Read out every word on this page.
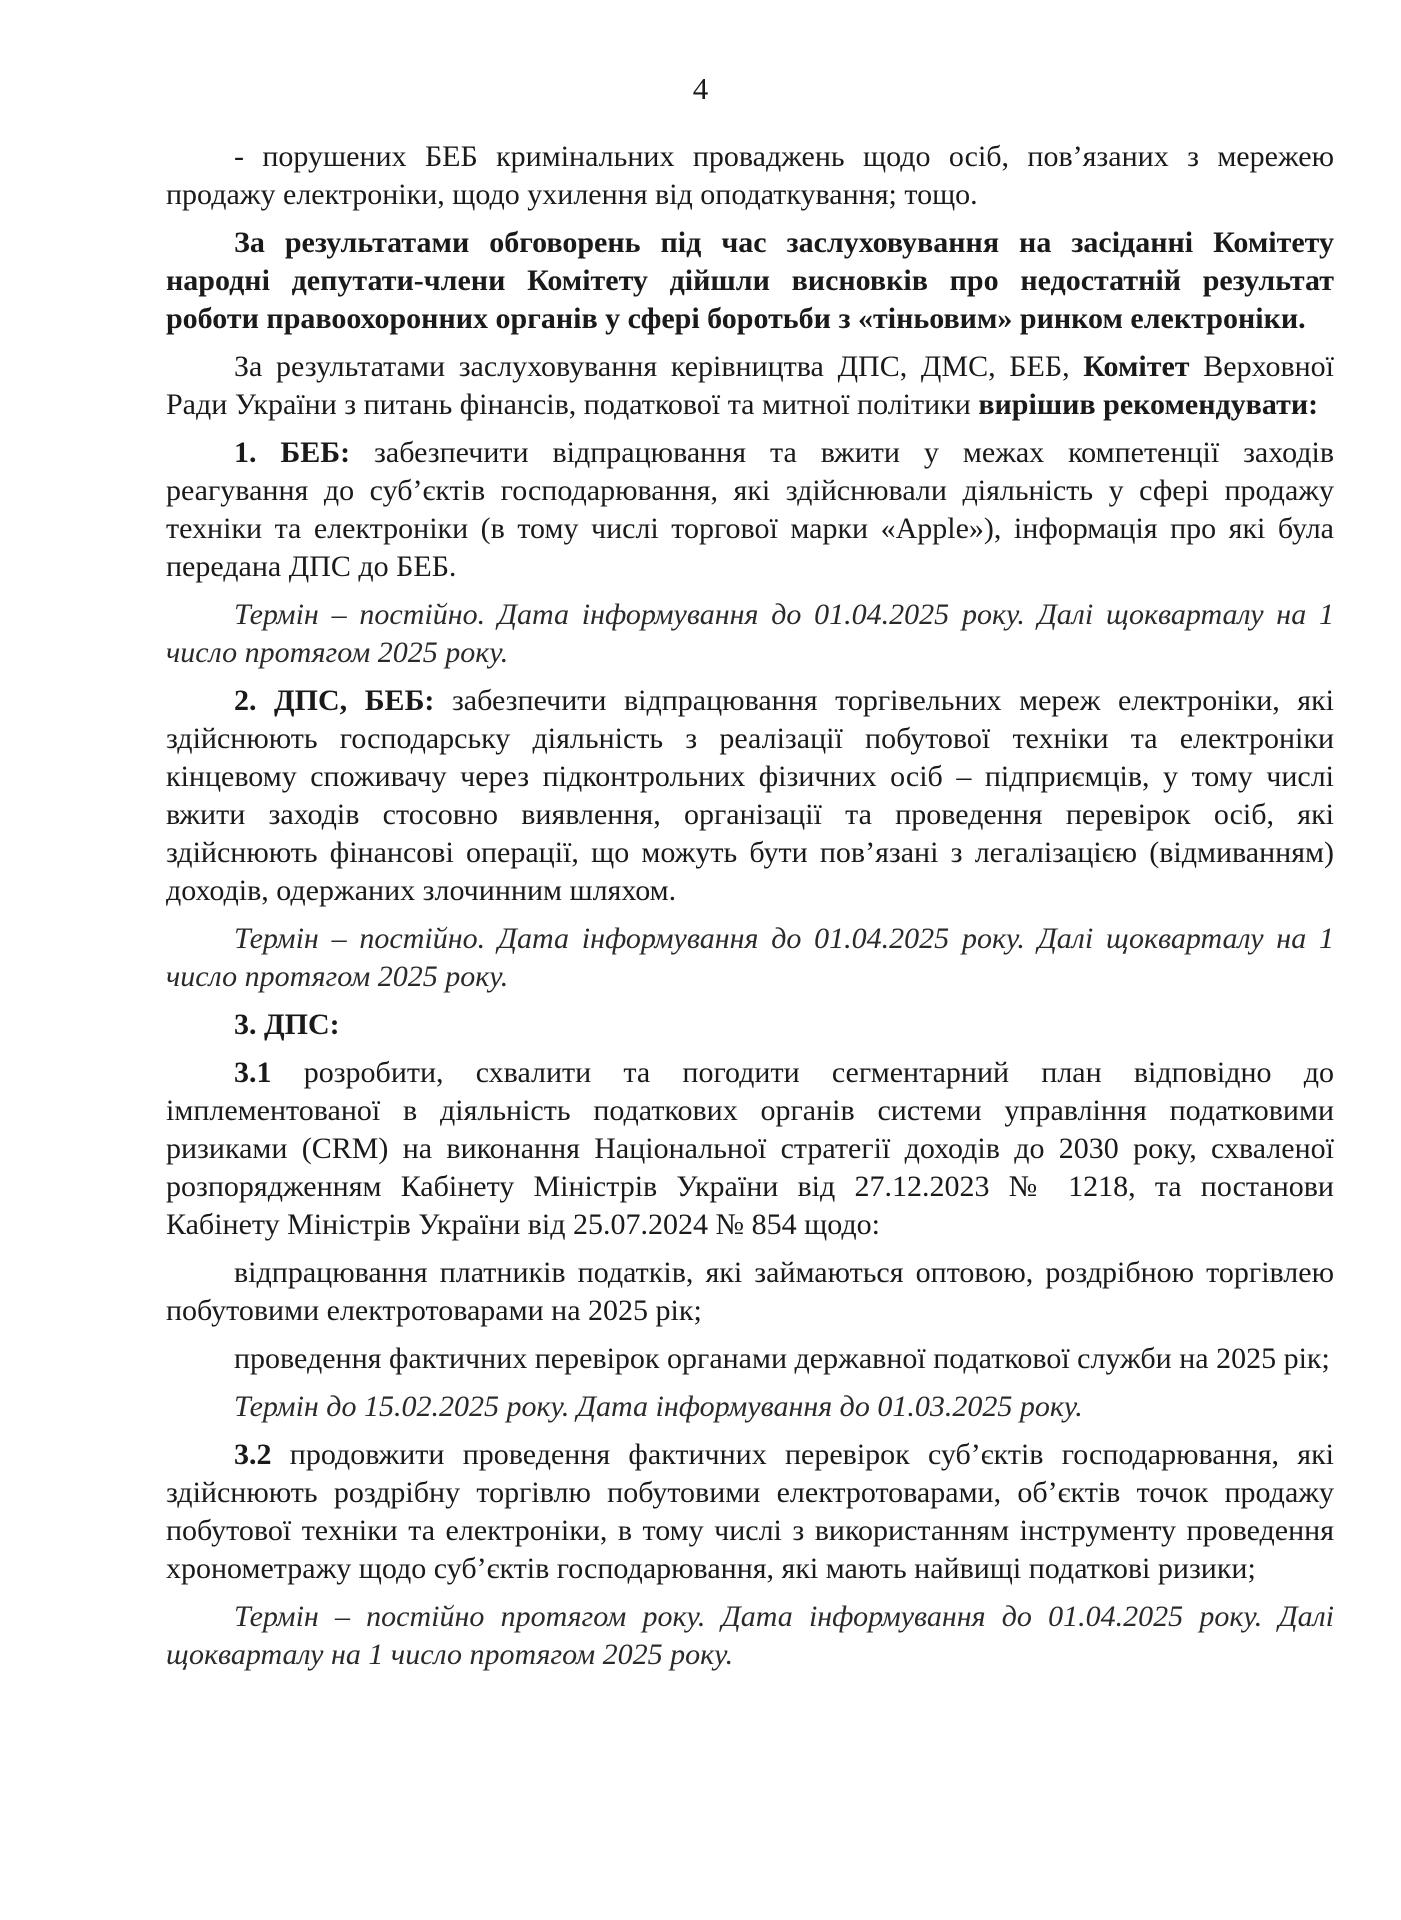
4

- порушених БЕБ кримінальних проваджень щодо осіб, пов’язаних з мережею продажу електроніки, щодо ухилення від оподаткування; тощо.

За результатами обговорень під час заслуховування на засіданні Комітету народні депутати-члени Комітету дійшли висновків про недостатній результат роботи правоохоронних органів у сфері боротьби з «тіньовим» ринком електроніки.

За результатами заслуховування керівництва ДПС, ДМС, БЕБ, Комітет Верховної Ради України з питань фінансів, податкової та митної політики вирішив рекомендувати:

1. БЕБ: забезпечити відпрацювання та вжити у межах компетенції заходів реагування до суб’єктів господарювання, які здійснювали діяльність у сфері продажу техніки та електроніки (в тому числі торгової марки «Apple»), інформація про які була передана ДПС до БЕБ.

Термін – постійно. Дата інформування до 01.04.2025 року. Далі щокварталу на 1 число протягом 2025 року.

2. ДПС, БЕБ: забезпечити відпрацювання торгівельних мереж електроніки, які здійснюють господарську діяльність з реалізації побутової техніки та електроніки кінцевому споживачу через підконтрольних фізичних осіб – підприємців, у тому числі вжити заходів стосовно виявлення, організації та проведення перевірок осіб, які здійснюють фінансові операції, що можуть бути пов’язані з легалізацією (відмиванням) доходів, одержаних злочинним шляхом.

Термін – постійно. Дата інформування до 01.04.2025 року. Далі щокварталу на 1 число протягом 2025 року.

3. ДПС:

3.1 розробити, схвалити та погодити сегментарний план відповідно до імплементованої в діяльність податкових органів системи управління податковими ризиками (CRM) на виконання Національної стратегії доходів до 2030 року, схваленої розпорядженням Кабінету Міністрів України від 27.12.2023 № 1218, та постанови Кабінету Міністрів України від 25.07.2024 № 854 щодо:

відпрацювання платників податків, які займаються оптовою, роздрібною торгівлею побутовими електротоварами на 2025 рік;

проведення фактичних перевірок органами державної податкової служби на 2025 рік;

Термін до 15.02.2025 року. Дата інформування до 01.03.2025 року.

3.2 продовжити проведення фактичних перевірок суб’єктів господарювання, які здійснюють роздрібну торгівлю побутовими електротоварами, об’єктів точок продажу побутової техніки та електроніки, в тому числі з використанням інструменту проведення хронометражу щодо суб’єктів господарювання, які мають найвищі податкові ризики;

Термін – постійно протягом року. Дата інформування до 01.04.2025 року. Далі щокварталу на 1 число протягом 2025 року.
